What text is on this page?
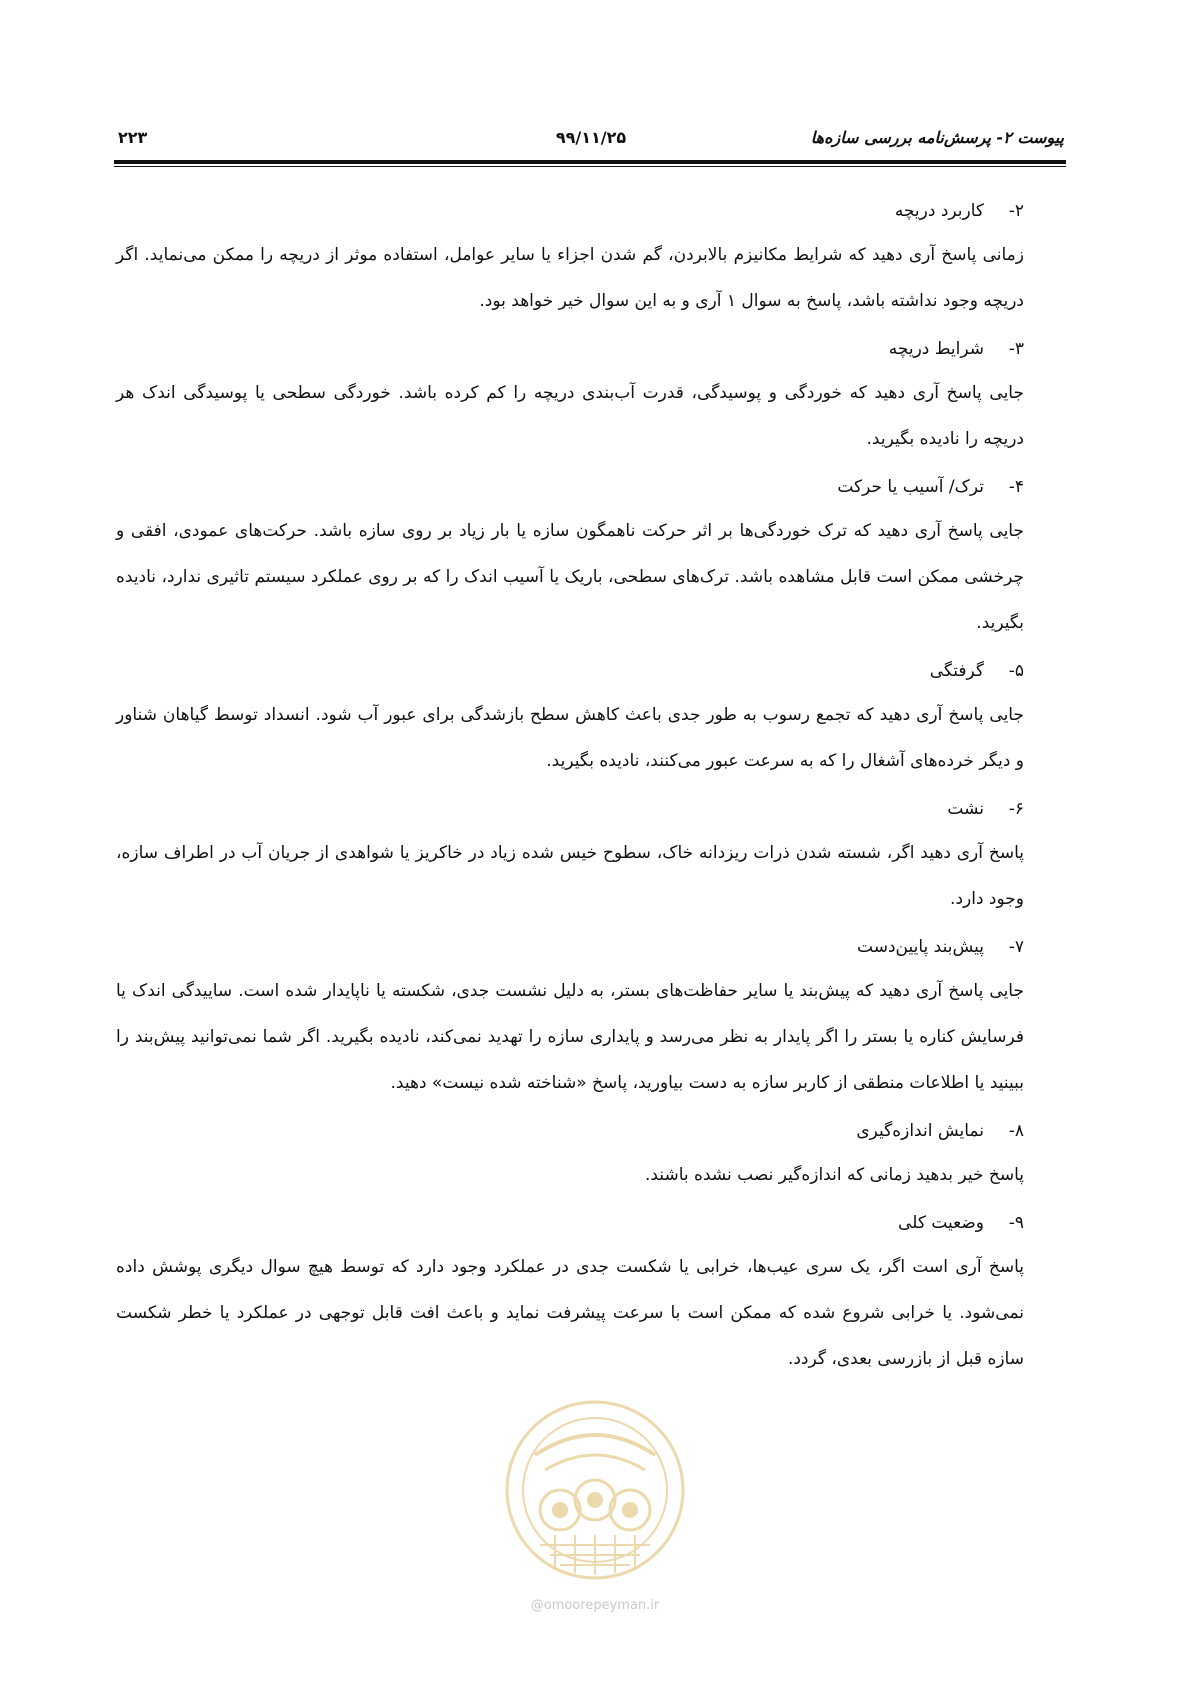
پیوست ۲- پرسش‌نامه بررسی سازه‌ها
۹۹/۱۱/۲۵
۲۲۳
۲-
کاربرد دریچه
زمانی پاسخ آری دهید که شرایط مکانیزم بالابردن، گم شدن اجزاء یا سایر عوامل، استفاده موثر از دریچه را ممکن می‌نماید. اگر دریچه وجود نداشته باشد، پاسخ به سوال ۱ آری و به این سوال خیر خواهد بود.
۳-
شرایط دریچه
جایی پاسخ آری دهید که خوردگی و پوسیدگی، قدرت آب‌بندی دریچه را کم کرده باشد. خوردگی سطحی یا پوسیدگی اندک هر دریچه را نادیده بگیرید.
۴-
ترک/ آسیب یا حرکت
جایی پاسخ آری دهید که ترک خوردگی‌ها بر اثر حرکت ناهمگون سازه یا بار زیاد بر روی سازه باشد. حرکت‌های عمودی، افقی و چرخشی ممکن است قابل مشاهده باشد. ترک‌های سطحی، باریک یا آسیب اندک را که بر روی عملکرد سیستم تاثیری ندارد، نادیده بگیرید.
۵-
گرفتگی
جایی پاسخ آری دهید که تجمع رسوب به طور جدی باعث کاهش سطح بازشدگی برای عبور آب شود. انسداد توسط گیاهان شناور و دیگر خرده‌های آشغال را که به سرعت عبور می‌کنند، نادیده بگیرید.
۶-
نشت
پاسخ آری دهید اگر، شسته شدن ذرات ریزدانه خاک، سطوح خیس شده زیاد در خاکریز یا شواهدی از جریان آب در اطراف سازه، وجود دارد.
۷-
پیش‌بند پایین‌دست
جایی پاسخ آری دهید که پیش‌بند یا سایر حفاظت‌های بستر، به دلیل نشست جدی، شکسته یا ناپایدار شده است. ساییدگی اندک یا فرسایش کناره یا بستر را اگر پایدار به نظر می‌رسد و پایداری سازه را تهدید نمی‌کند، نادیده بگیرید. اگر شما نمی‌توانید پیش‌بند را ببینید یا اطلاعات منطقی از کاربر سازه به دست بیاورید، پاسخ «شناخته شده نیست» دهید.
۸-
نمایش اندازه‌گیری
پاسخ خیر بدهید زمانی که اندازه‌گیر نصب نشده باشند.
۹-
وضعیت کلی
پاسخ آری است اگر، یک سری عیب‌ها، خرابی یا شکست جدی در عملکرد وجود دارد که توسط هیچ سوال دیگری پوشش داده نمی‌شود. یا خرابی شروع شده که ممکن است با سرعت پیشرفت نماید و باعث افت قابل توجهی در عملکرد یا خطر شکست سازه قبل از بازرسی بعدی، گردد.
@omoorepeyman.ir
